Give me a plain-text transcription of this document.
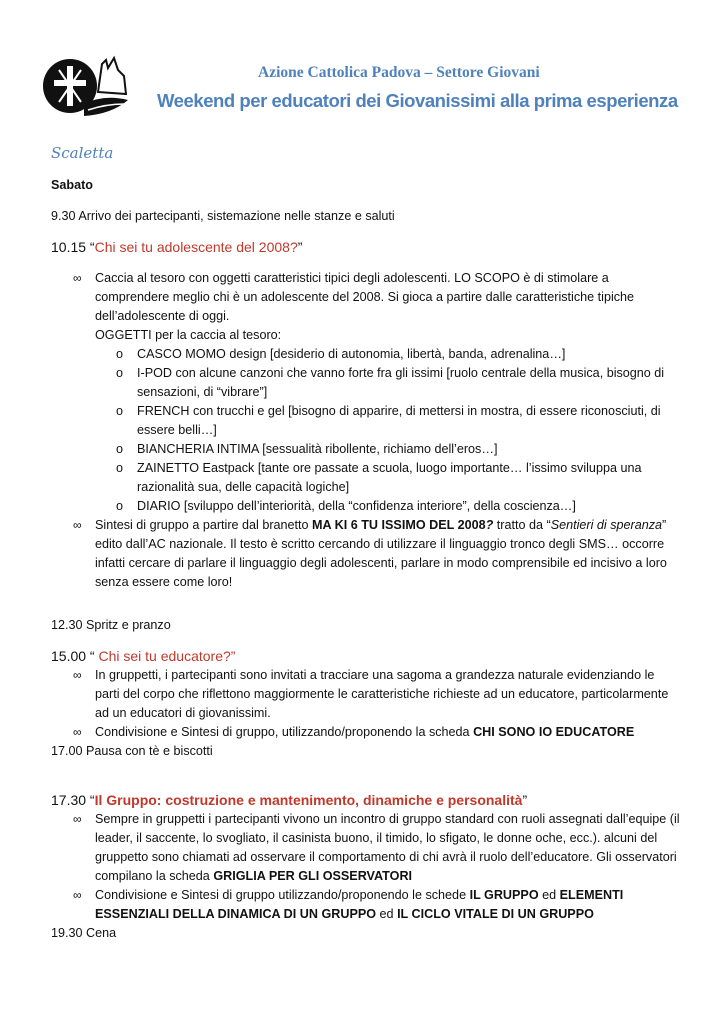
Azione Cattolica Padova – Settore Giovani
Weekend per educatori dei Giovanissimi alla prima esperienza
Scaletta

Sabato

9.30 Arrivo dei partecipanti, sistemazione nelle stanze e saluti

10.15 “Chi sei tu adolescente del 2008?”

∞ Caccia al tesoro con oggetti caratteristici tipici degli adolescenti. LO SCOPO è di stimolare a comprendere meglio chi è un adolescente del 2008. Si gioca a partire dalle caratteristiche tipiche dell’adolescente di oggi.
OGGETTI per la caccia al tesoro:
o CASCO MOMO design [desiderio di autonomia, libertà, banda, adrenalina…]
o I-POD con alcune canzoni che vanno forte fra gli issimi [ruolo centrale della musica, bisogno di sensazioni, di “vibrare”]
o FRENCH con trucchi e gel [bisogno di apparire, di mettersi in mostra, di essere riconosciuti, di essere belli…]
o BIANCHERIA INTIMA [sessualità ribollente, richiamo dell’eros…]
o ZAINETTO Eastpack [tante ore passate a scuola, luogo importante… l’issimo sviluppa una razionalità sua, delle capacità logiche]
o DIARIO [sviluppo dell’interiorità, della “confidenza interiore”, della coscienza…]
∞ Sintesi di gruppo a partire dal branetto MA KI 6 TU ISSIMO DEL 2008? tratto da “Sentieri di speranza” edito dall’AC nazionale. Il testo è scritto cercando di utilizzare il linguaggio tronco degli SMS… occorre infatti cercare di parlare il linguaggio degli adolescenti, parlare in modo comprensibile ed incisivo a loro senza essere come loro!

12.30 Spritz e pranzo

15.00 “ Chi sei tu educatore?”

∞ In gruppetti, i partecipanti sono invitati a tracciare una sagoma a grandezza naturale evidenziando le parti del corpo che riflettono maggiormente le caratteristiche richieste ad un educatore, particolarmente ad un educatori di giovanissimi.
∞ Condivisione e Sintesi di gruppo, utilizzando/proponendo la scheda CHI SONO IO EDUCATORE

17.00 Pausa con tè e biscotti

17.30 “Il Gruppo: costruzione e mantenimento, dinamiche e personalità”

∞ Sempre in gruppetti i partecipanti vivono un incontro di gruppo standard con ruoli assegnati dall’equipe (il leader, il saccente, lo svogliato, il casinista buono, il timido, lo sfigato, le donne oche, ecc.). alcuni del gruppetto sono chiamati ad osservare il comportamento di chi avrà il ruolo dell’educatore. Gli osservatori compilano la scheda GRIGLIA PER GLI OSSERVATORI
∞ Condivisione e Sintesi di gruppo utilizzando/proponendo le schede IL GRUPPO ed ELEMENTI ESSENZIALI DELLA DINAMICA DI UN GRUPPO ed IL CICLO VITALE DI UN GRUPPO

19.30 Cena
